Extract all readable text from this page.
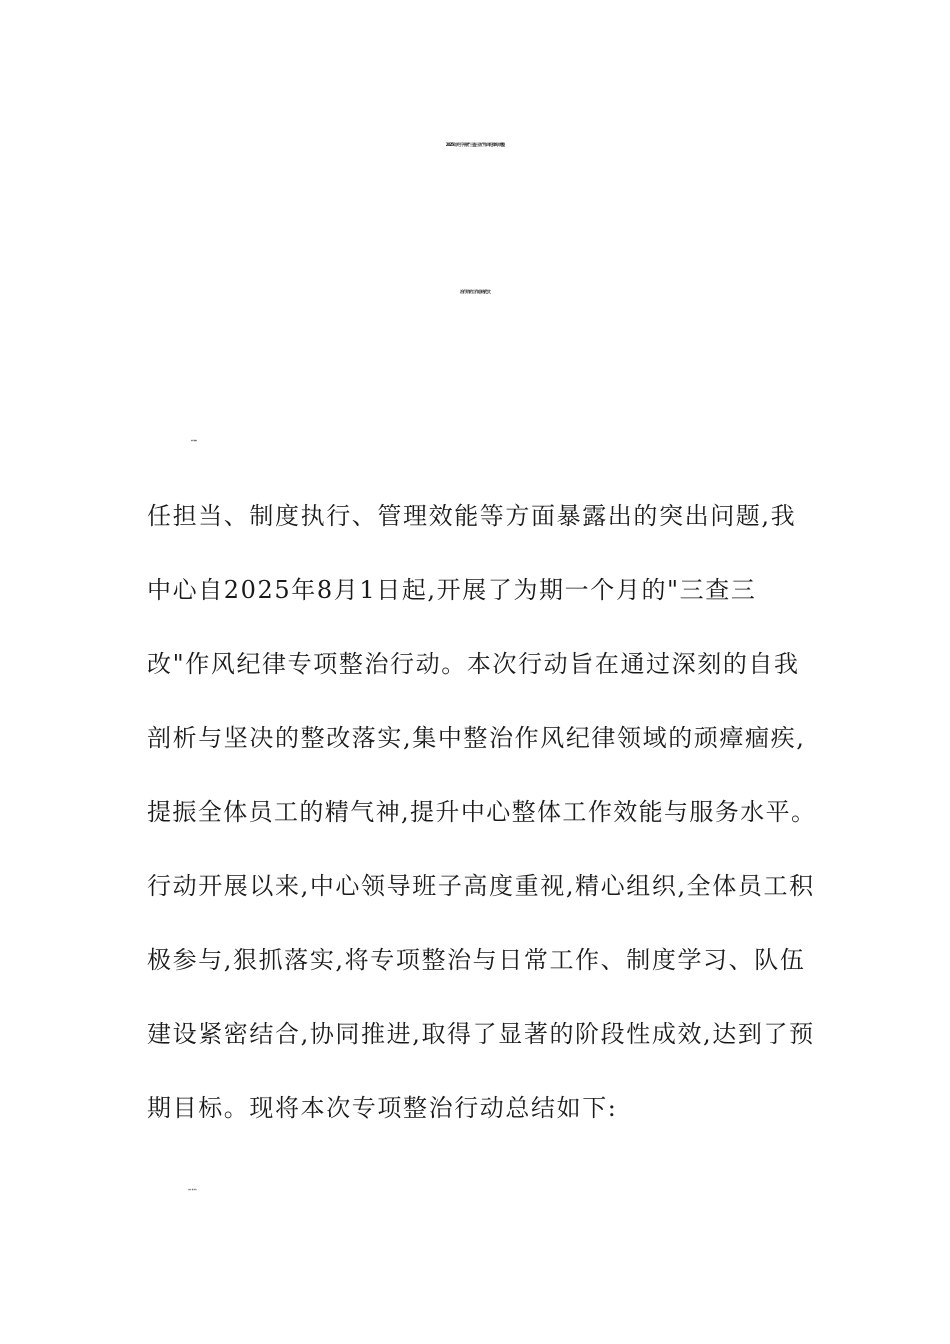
2025年关于开展“三查三改”作风纪律专项整
治行动的工作总结范文
任担当、制度执行、管理效能等方面暴露出的突出问题,我
中心自2025年8月1日起,开展了为期一个月的"三查三
改"作风纪律专项整治行动。本次行动旨在通过深刻的自我
剖析与坚决的整改落实,集中整治作风纪律领域的顽瘴痼疾,
提振全体员工的精气神,提升中心整体工作效能与服务水平。
行动开展以来,中心领导班子高度重视,精心组织,全体员工积
极参与,狠抓落实,将专项整治与日常工作、制度学习、队伍
建设紧密结合,协同推进,取得了显著的阶段性成效,达到了预
期目标。现将本次专项整治行动总结如下:
